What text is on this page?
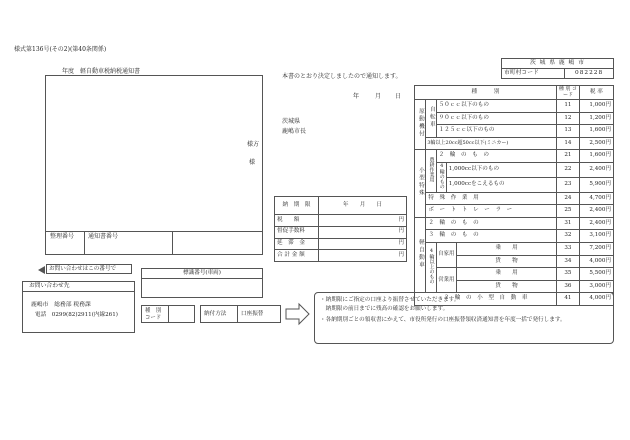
様式第136号(その2)(第40条関係)
年度　軽自動車税納税通知書
様方
様
整理番号 通知書番号
お問い合わせはこの番号で
標識番号(車両)
お問い合わせ先
鹿嶋市　総務部 税務課
電話　0299(82)2911(内線261)
種　別 コード
納付方法	口座振替
・納期限にご指定の口座より振替させていただきます。
　納期限の前日までに残高の確認をお願いします。
・各納期別ごとの領収書にかえて、市役所発行の口座振替領収済通知書を年度一括で発行します。
本書のとおり決定しましたので通知します。
年	月 日
茨城県
鹿嶋市長
納　期　限	年　　月　　日
税　　額	円
督促手数料	円
延　滞　金	円
合 計 金 額	円
茨 城 県 鹿 嶋 市
市町村コード	082228
種　　　別					種 別 コード	税 率
原動機付	自転車	５０ｃｃ以下のもの			11	1,000円
		９０ｃｃ以下のもの			12	1,200円
		１２５ｃｃ以下のもの			13	1,600円
	3輪以上20cc超50cc以下(ミニカー)				14	2,500円
小型特殊	農耕作業用	２　輪　の　も　の			21	1,600円
		4輪のもの	1,000cc以下のもの		22	2,400円
			1,000ccをこえるもの		23	5,900円
	特　殊　作　業　用				24	4,700円
	ボ　ー　ト　ト　レ　ー　ラ　ー				25	2,400円
軽自動車	２　輪　の　も　の				31	2,400円
	３　輪　の　も　の				32	3,100円
	4輪以上のもの	自家用		乗　　用	33	7,200円
				貨　　物	34	4,000円
		営業用		乗　　用	35	5,500円
				貨　　物	36	3,000円
２　輪　の　小　型　自　動　車					41	4,000円
